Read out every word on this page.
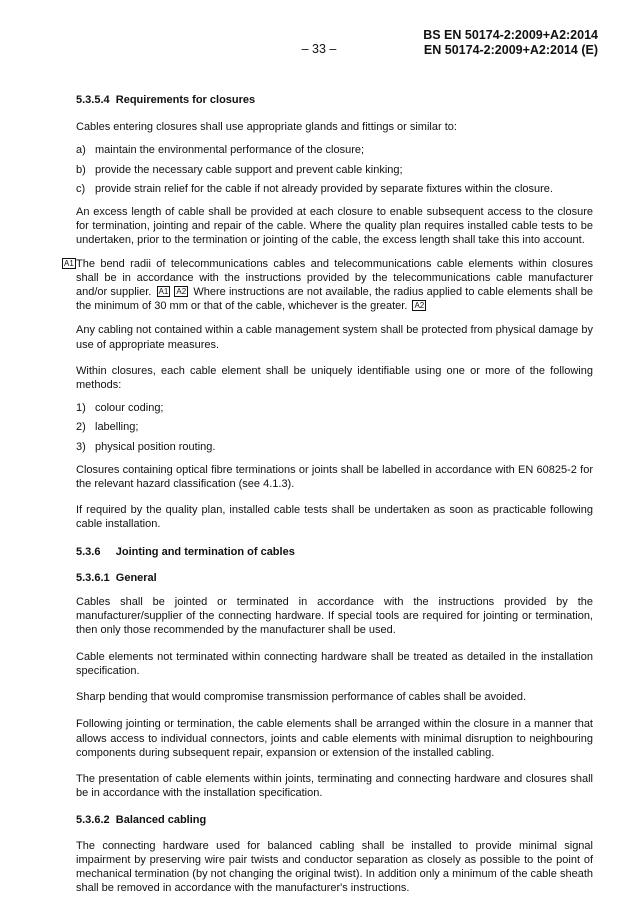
BS EN 50174-2:2009+A2:2014
EN 50174-2:2009+A2:2014 (E)
– 33 –

5.3.5.4 Requirements for closures

Cables entering closures shall use appropriate glands and fittings or similar to:

a) maintain the environmental performance of the closure;
b) provide the necessary cable support and prevent cable kinking;
c) provide strain relief for the cable if not already provided by separate fixtures within the closure.

An excess length of cable shall be provided at each closure to enable subsequent access to the closure for termination, jointing and repair of the cable. Where the quality plan requires installed cable tests to be undertaken, prior to the termination or jointing of the cable, the excess length shall take this into account.

A1 The bend radii of telecommunications cables and telecommunications cable elements within closures shall be in accordance with the instructions provided by the telecommunications cable manufacturer and/or supplier. A1 A2 Where instructions are not available, the radius applied to cable elements shall be the minimum of 30 mm or that of the cable, whichever is the greater. A2

Any cabling not contained within a cable management system shall be protected from physical damage by use of appropriate measures.

Within closures, each cable element shall be uniquely identifiable using one or more of the following methods:

1) colour coding;
2) labelling;
3) physical position routing.

Closures containing optical fibre terminations or joints shall be labelled in accordance with EN 60825-2 for the relevant hazard classification (see 4.1.3).

If required by the quality plan, installed cable tests shall be undertaken as soon as practicable following cable installation.

5.3.6 Jointing and termination of cables

5.3.6.1 General

Cables shall be jointed or terminated in accordance with the instructions provided by the manufacturer/supplier of the connecting hardware. If special tools are required for jointing or termination, then only those recommended by the manufacturer shall be used.

Cable elements not terminated within connecting hardware shall be treated as detailed in the installation specification.

Sharp bending that would compromise transmission performance of cables shall be avoided.

Following jointing or termination, the cable elements shall be arranged within the closure in a manner that allows access to individual connectors, joints and cable elements with minimal disruption to neighbouring components during subsequent repair, expansion or extension of the installed cabling.

The presentation of cable elements within joints, terminating and connecting hardware and closures shall be in accordance with the installation specification.

5.3.6.2 Balanced cabling

The connecting hardware used for balanced cabling shall be installed to provide minimal signal impairment by preserving wire pair twists and conductor separation as closely as possible to the point of mechanical termination (by not changing the original twist). In addition only a minimum of the cable sheath shall be removed in accordance with the manufacturer's instructions.
